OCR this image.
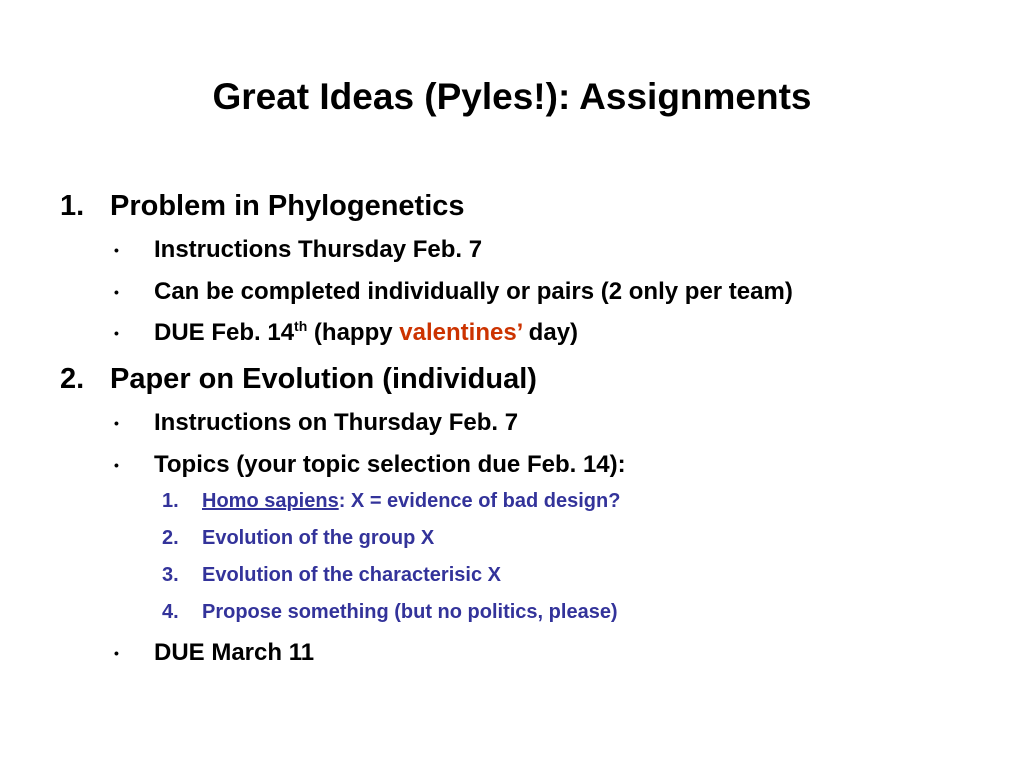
Great Ideas (Pyles!): Assignments
1. Problem in Phylogenetics
• Instructions Thursday Feb. 7
• Can be completed individually or pairs (2 only per team)
• DUE Feb. 14th (happy valentines’ day)
2. Paper on Evolution (individual)
• Instructions on Thursday Feb. 7
• Topics (your topic selection due Feb. 14):
1. Homo sapiens: X = evidence of bad design?
2. Evolution of the group X
3. Evolution of the characterisic X
4. Propose something (but no politics, please)
• DUE March 11
